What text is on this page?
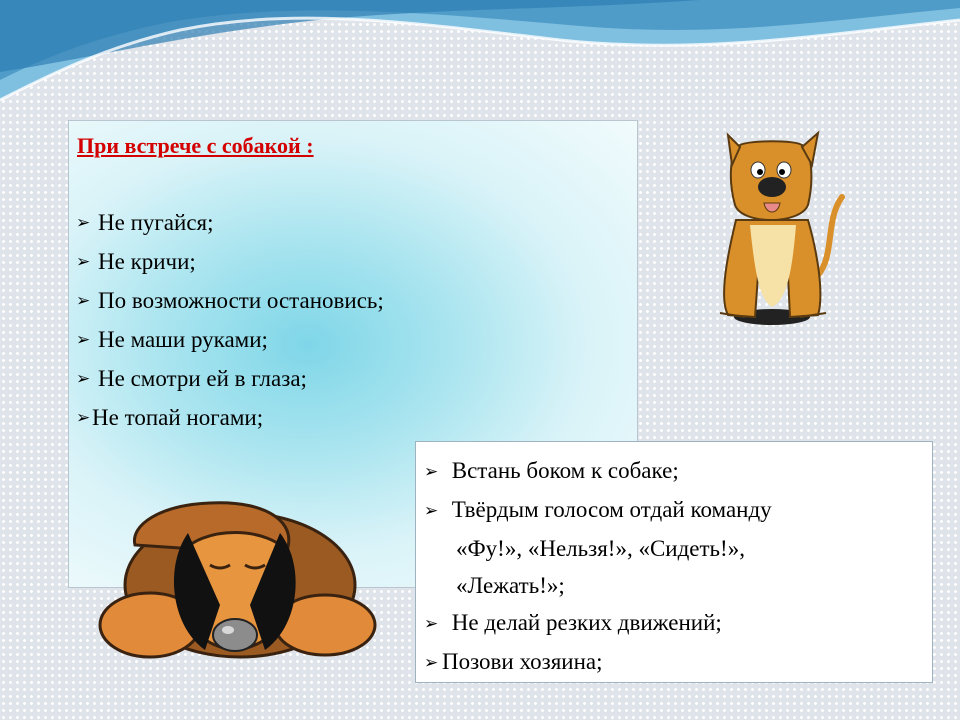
При встрече с собакой :
➢ Не пугайся;
➢ Не кричи;
➢ По возможности остановись;
➢ Не маши руками;
➢ Не смотри ей в глаза;
➢ Не топай ногами;
➢
Встань боком к собаке;
➢
Твёрдым голосом отдай команду
«Фу!», «Нельзя!», «Сидеть!»,
«Лежать!»;
➢
Не делай резких движений;
➢ Позови хозяина;
